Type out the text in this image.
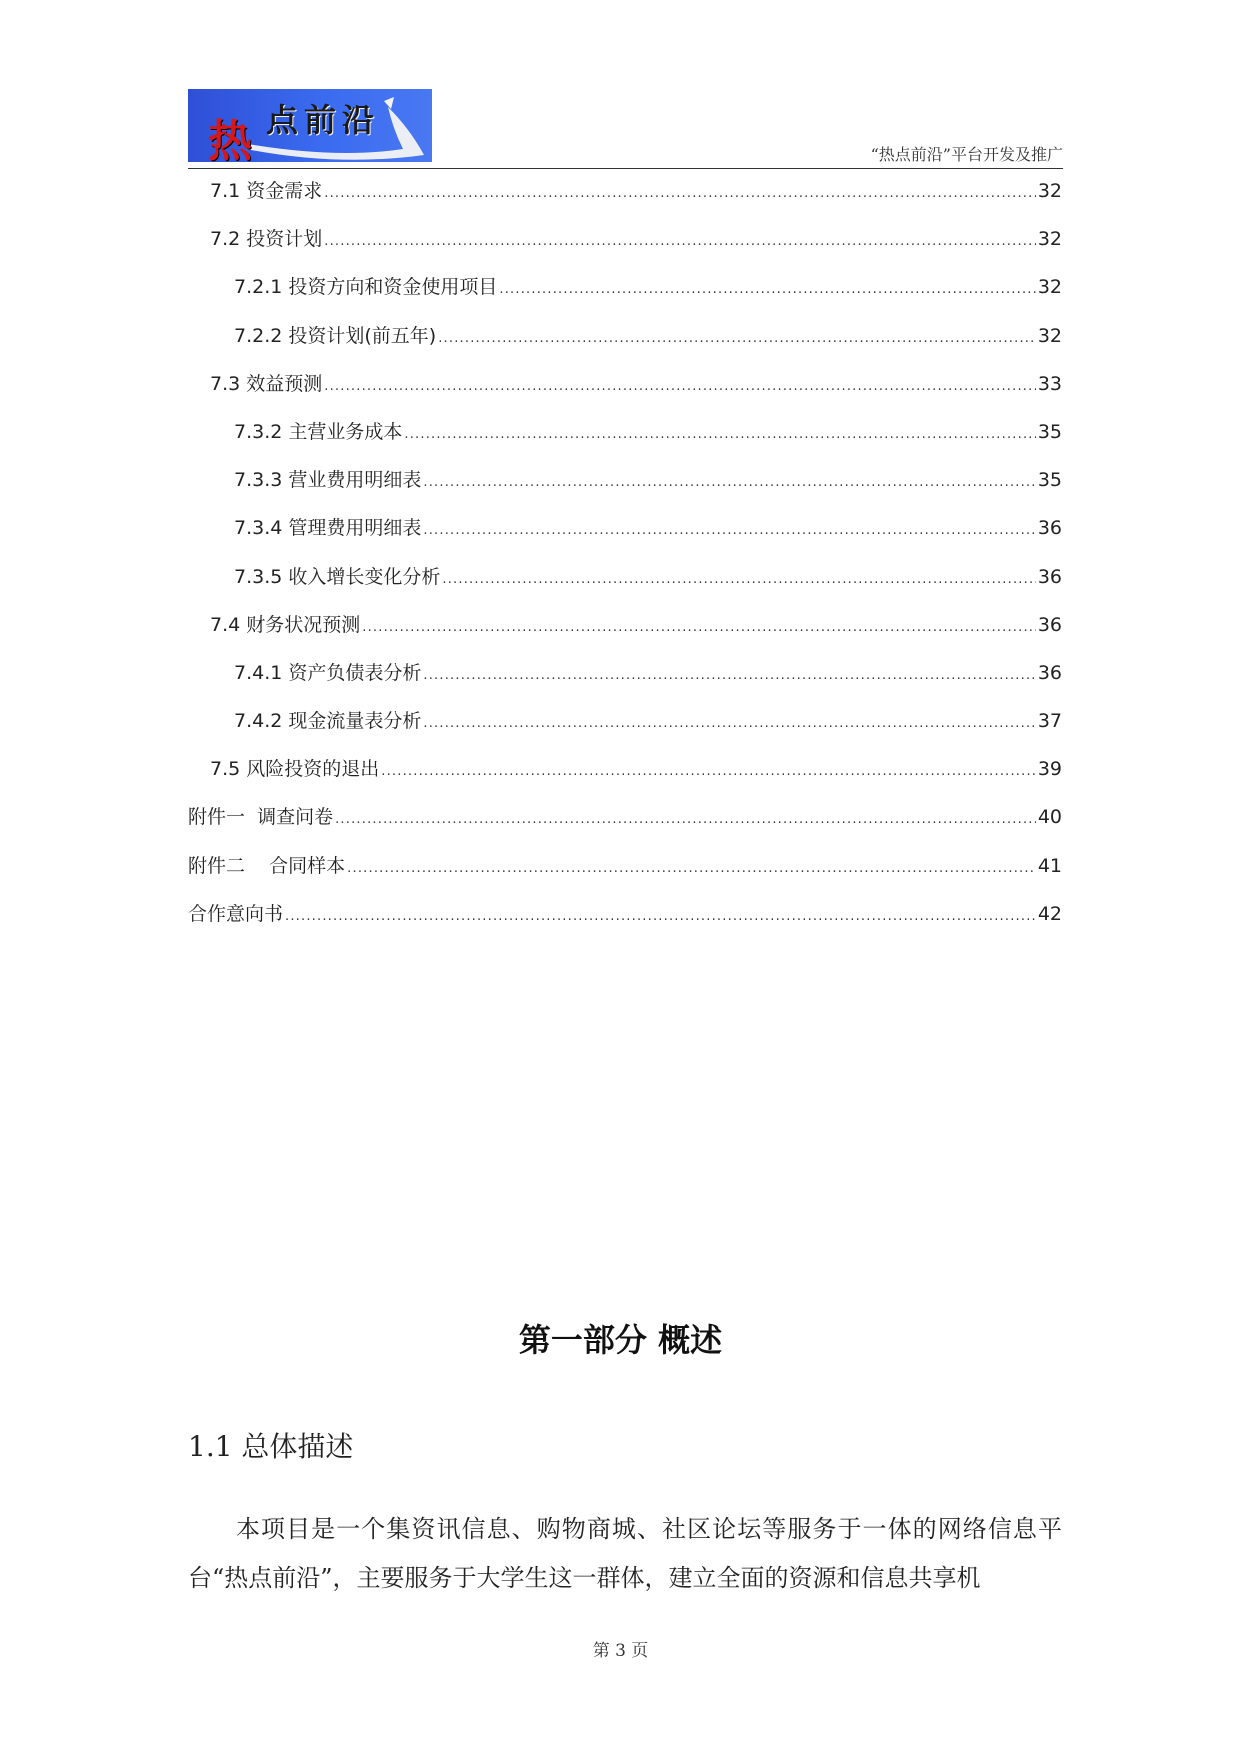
热 点前沿
“热点前沿”平台开发及推广
7.1 资金需求 .....	32
7.2 投资计划 .....	32
7.2.1 投资方向和资金使用项目 .....	32
7.2.2 投资计划(前五年) .....	32
7.3 效益预测 .....	33
7.3.2 主营业务成本 .....	35
7.3.3 营业费用明细表 .....	35
7.3.4 管理费用明细表 .....	36
7.3.5 收入增长变化分析 .....	36
7.4 财务状况预测 .....	36
7.4.1 资产负债表分析 .....	36
7.4.2 现金流量表分析 .....	37
7.5 风险投资的退出 .....	39
附件一  调查问卷 .....	40
附件二    合同样本 .....	41
合作意向书 .....	42
第一部分 概述
1.1 总体描述
本项目是一个集资讯信息、购物商城、社区论坛等服务于一体的网络信息平台“热点前沿”，主要服务于大学生这一群体，建立全面的资源和信息共享机
第 3 页
